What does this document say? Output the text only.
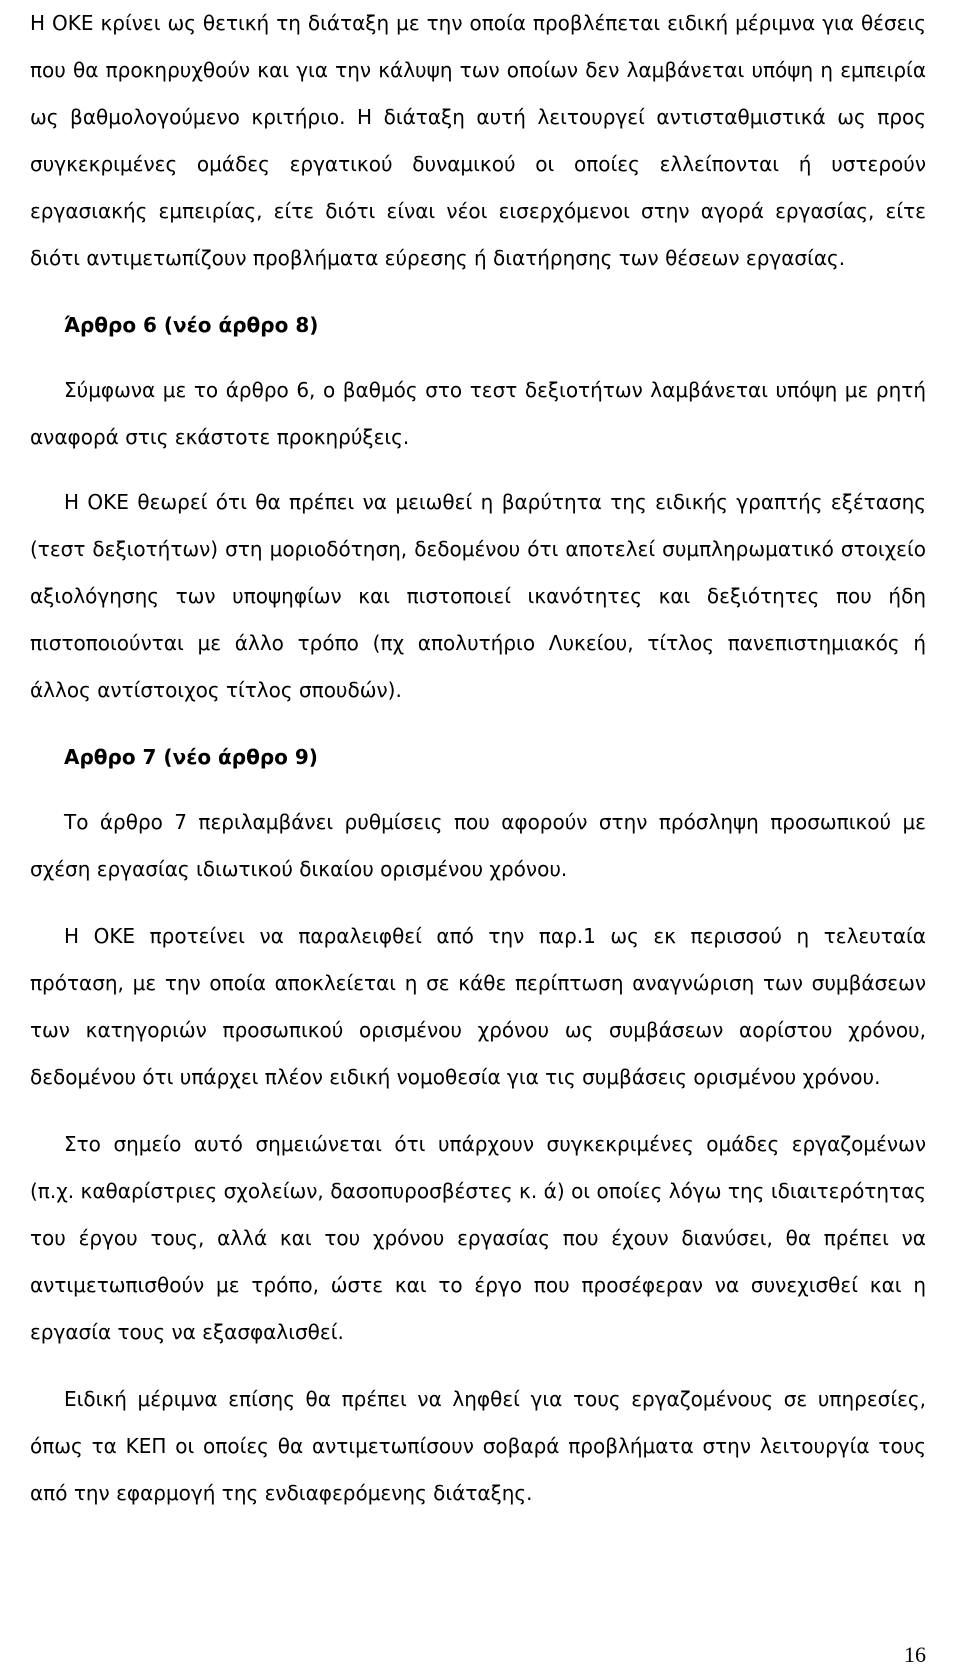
Η ΟΚΕ κρίνει ως θετική τη διάταξη με την οποία προβλέπεται ειδική μέριμνα για θέσεις που θα προκηρυχθούν και για την κάλυψη των οποίων δεν λαμβάνεται υπόψη η εμπειρία ως βαθμολογούμενο κριτήριο. Η διάταξη αυτή λειτουργεί αντισταθμιστικά ως προς συγκεκριμένες ομάδες εργατικού δυναμικού οι οποίες ελλείπονται ή υστερούν εργασιακής εμπειρίας, είτε διότι είναι νέοι εισερχόμενοι στην αγορά εργασίας, είτε διότι αντιμετωπίζουν προβλήματα εύρεσης ή διατήρησης των θέσεων εργασίας.

Άρθρο 6 (νέο άρθρο 8)

Σύμφωνα με το άρθρο 6, ο βαθμός στο τεστ δεξιοτήτων λαμβάνεται υπόψη με ρητή αναφορά στις εκάστοτε προκηρύξεις.

Η ΟΚΕ θεωρεί ότι θα πρέπει να μειωθεί η βαρύτητα της ειδικής γραπτής εξέτασης (τεστ δεξιοτήτων) στη μοριοδότηση, δεδομένου ότι αποτελεί συμπληρωματικό στοιχείο αξιολόγησης των υποψηφίων και πιστοποιεί ικανότητες και δεξιότητες που ήδη πιστοποιούνται με άλλο τρόπο (πχ απολυτήριο Λυκείου, τίτλος πανεπιστημιακός ή άλλος αντίστοιχος τίτλος σπουδών).

Αρθρο 7 (νέο άρθρο 9)

Το άρθρο 7 περιλαμβάνει ρυθμίσεις που αφορούν στην πρόσληψη προσωπικού με σχέση εργασίας ιδιωτικού δικαίου ορισμένου χρόνου.

Η ΟΚΕ προτείνει να παραλειφθεί από την παρ.1 ως εκ περισσού η τελευταία πρόταση, με την οποία αποκλείεται η σε κάθε περίπτωση αναγνώριση των συμβάσεων των κατηγοριών προσωπικού ορισμένου χρόνου ως συμβάσεων αορίστου χρόνου, δεδομένου ότι υπάρχει πλέον ειδική νομοθεσία για τις συμβάσεις ορισμένου χρόνου.

Στο σημείο αυτό σημειώνεται ότι υπάρχουν συγκεκριμένες ομάδες εργαζομένων (π.χ. καθαρίστριες σχολείων, δασοπυροσβέστες κ. ά) οι οποίες λόγω της ιδιαιτερότητας του έργου τους, αλλά και του χρόνου εργασίας που έχουν διανύσει, θα πρέπει να αντιμετωπισθούν με τρόπο, ώστε και το έργο που προσέφεραν να συνεχισθεί και η εργασία τους να εξασφαλισθεί.

Ειδική μέριμνα επίσης θα πρέπει να ληφθεί για τους εργαζομένους σε υπηρεσίες, όπως τα ΚΕΠ οι οποίες θα αντιμετωπίσουν σοβαρά προβλήματα στην λειτουργία τους από την εφαρμογή της ενδιαφερόμενης διάταξης.

16
